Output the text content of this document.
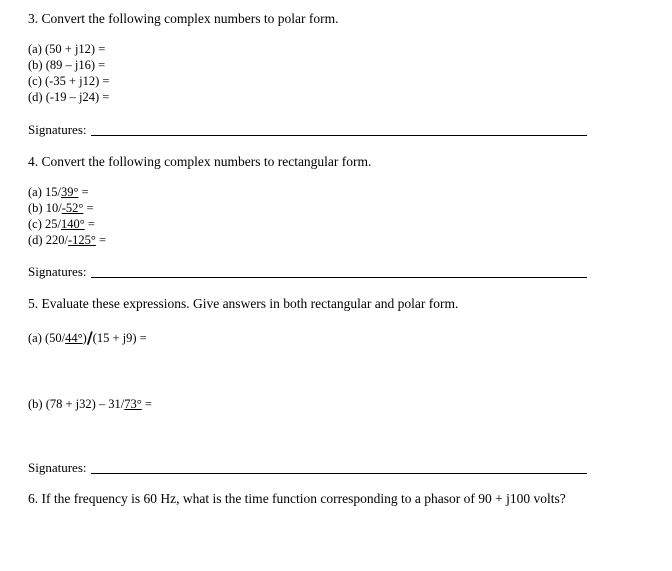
3. Convert the following complex numbers to polar form.
(a) (50 + j12) =
(b) (89 – j16) =
(c) (-35 + j12) =
(d) (-19 – j24) =
Signatures:
4. Convert the following complex numbers to rectangular form.
(a) 15/39° =
(b) 10/-52° =
(c) 25/140° =
(d) 220/-125° =
Signatures:
5. Evaluate these expressions. Give answers in both rectangular and polar form.
(a) (50/44°)/(15 + j9) =
(b) (78 + j32) – 31/73° =
Signatures:
6. If the frequency is 60 Hz, what is the time function corresponding to a phasor of 90 + j100 volts?
